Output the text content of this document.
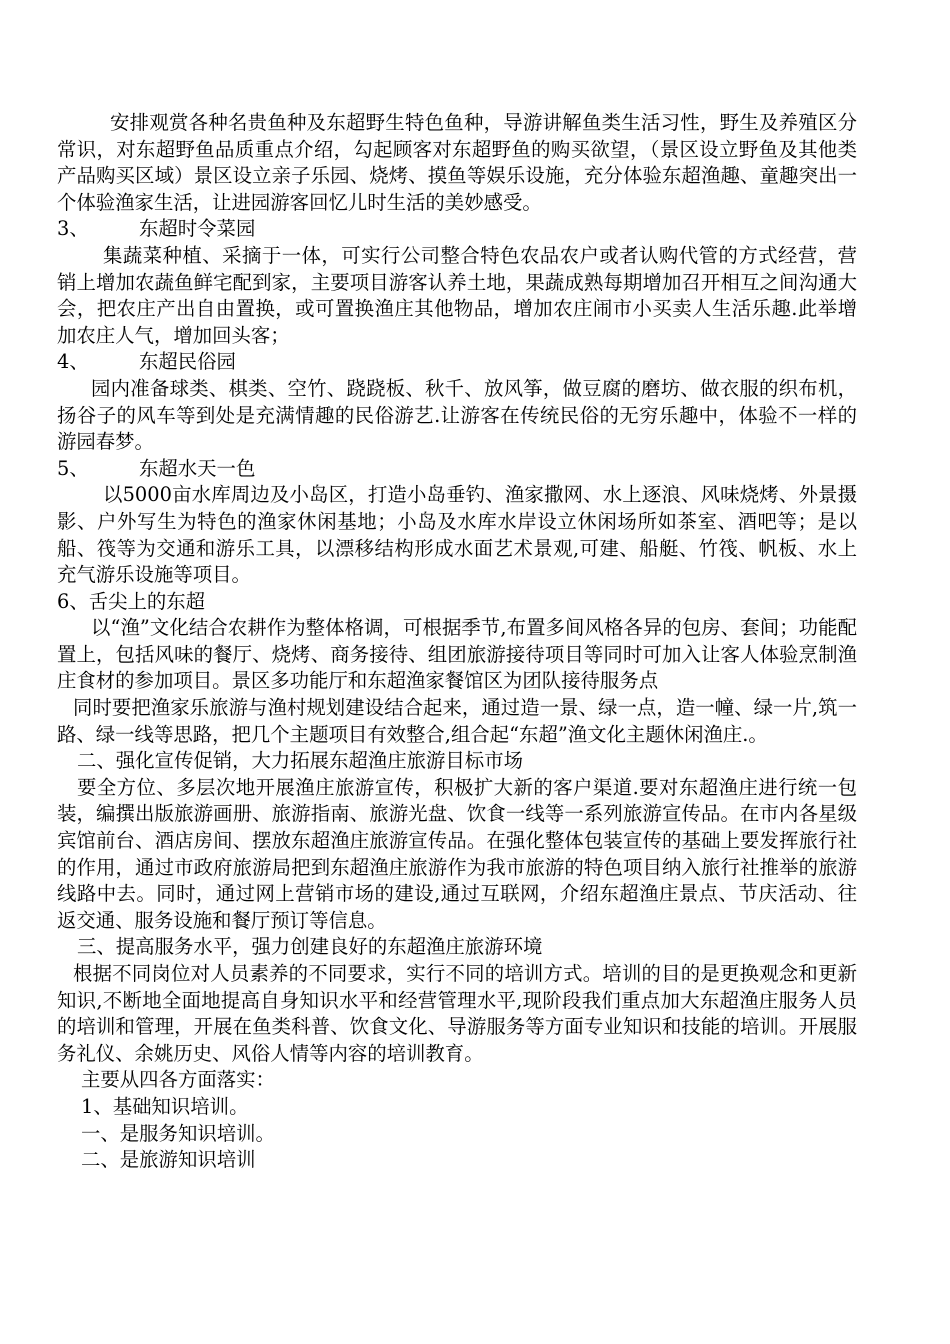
安排观赏各种名贵鱼种及东超野生特色鱼种，导游讲解鱼类生活习性，野生及养殖区分常识，对东超野鱼品质重点介绍，勾起顾客对东超野鱼的购买欲望，（景区设立野鱼及其他类产品购买区域）景区设立亲子乐园、烧烤、摸鱼等娱乐设施，充分体验东超渔趣、童趣突出一个体验渔家生活，让进园游客回忆儿时生活的美妙感受。

3、	东超时令菜园

集蔬菜种植、采摘于一体，可实行公司整合特色农品农户或者认购代管的方式经营，营销上增加农蔬鱼鲜宅配到家，主要项目游客认养土地，果蔬成熟每期增加召开相互之间沟通大会，把农庄产出自由置换，或可置换渔庄其他物品，增加农庄闹市小买卖人生活乐趣.此举增加农庄人气，增加回头客；

4、	东超民俗园

园内准备球类、棋类、空竹、跷跷板、秋千、放风筝，做豆腐的磨坊、做衣服的织布机，扬谷子的风车等到处是充满情趣的民俗游艺.让游客在传统民俗的无穷乐趣中，体验不一样的游园春梦。

5、	东超水天一色

以5000亩水库周边及小岛区，打造小岛垂钓、渔家撒网、水上逐浪、风味烧烤、外景摄影、户外写生为特色的渔家休闲基地；小岛及水库水岸设立休闲场所如茶室、酒吧等；是以船、筏等为交通和游乐工具，以漂移结构形成水面艺术景观,可建、船艇、竹筏、帆板、水上充气游乐设施等项目。

6、舌尖上的东超

以“渔”文化结合农耕作为整体格调，可根据季节,布置多间风格各异的包房、套间；功能配置上，包括风味的餐厅、烧烤、商务接待、组团旅游接待项目等同时可加入让客人体验烹制渔庄食材的参加项目。景区多功能厅和东超渔家餐馆区为团队接待服务点

同时要把渔家乐旅游与渔村规划建设结合起来，通过造一景、绿一点，造一幢、绿一片,筑一路、绿一线等思路，把几个主题项目有效整合,组合起“东超”渔文化主题休闲渔庄.。

二、强化宣传促销，大力拓展东超渔庄旅游目标市场

要全方位、多层次地开展渔庄旅游宣传，积极扩大新的客户渠道.要对东超渔庄进行统一包装，编撰出版旅游画册、旅游指南、旅游光盘、饮食一线等一系列旅游宣传品。在市内各星级宾馆前台、酒店房间、摆放东超渔庄旅游宣传品。在强化整体包装宣传的基础上要发挥旅行社的作用，通过市政府旅游局把到东超渔庄旅游作为我市旅游的特色项目纳入旅行社推举的旅游线路中去。同时，通过网上营销市场的建设,通过互联网，介绍东超渔庄景点、节庆活动、往返交通、服务设施和餐厅预订等信息。

三、提高服务水平，强力创建良好的东超渔庄旅游环境

根据不同岗位对人员素养的不同要求，实行不同的培训方式。培训的目的是更换观念和更新知识,不断地全面地提高自身知识水平和经营管理水平,现阶段我们重点加大东超渔庄服务人员的培训和管理，开展在鱼类科普、饮食文化、导游服务等方面专业知识和技能的培训。开展服务礼仪、余姚历史、风俗人情等内容的培训教育。

主要从四各方面落实：

1、基础知识培训。

一、是服务知识培训。

二、是旅游知识培训
